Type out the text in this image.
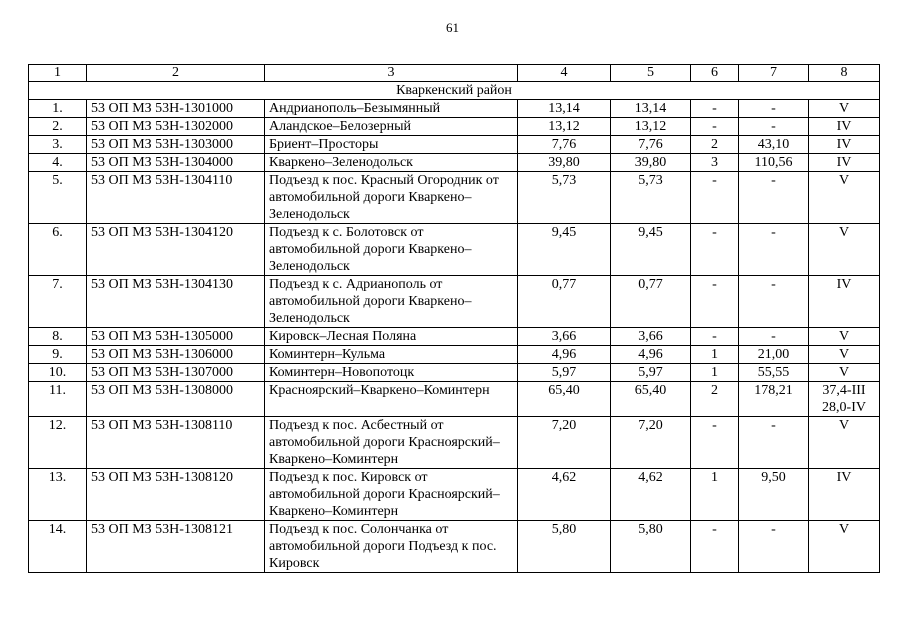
61
1	2	3	4	5	6	7	8
Кваркенский район							
1.	53 ОП МЗ 53Н-1301000	Андрианополь–Безымянный	13,14	13,14	-	-	V
2.	53 ОП МЗ 53Н-1302000	Аландское–Белозерный	13,12	13,12	-	-	IV
3.	53 ОП МЗ 53Н-1303000	Бриент–Просторы	7,76	7,76	2	43,10	IV
4.	53 ОП МЗ 53Н-1304000	Кваркено–Зеленодольск	39,80	39,80	3	110,56	IV
5.	53 ОП МЗ 53Н-1304110	Подъезд к пос. Красный Огородник от автомобильной дороги Кваркено–Зеленодольск	5,73	5,73	-	-	V
6.	53 ОП МЗ 53Н-1304120	Подъезд к с. Болотовск от автомобильной дороги Кваркено–Зеленодольск	9,45	9,45	-	-	V
7.	53 ОП МЗ 53Н-1304130	Подъезд к с. Адрианополь от автомобильной дороги Кваркено–Зеленодольск	0,77	0,77	-	-	IV
8.	53 ОП МЗ 53Н-1305000	Кировск–Лесная Поляна	3,66	3,66	-	-	V
9.	53 ОП МЗ 53Н-1306000	Коминтерн–Кульма	4,96	4,96	1	21,00	V
10.	53 ОП МЗ 53Н-1307000	Коминтерн–Новопотоцк	5,97	5,97	1	55,55	V
11.	53 ОП МЗ 53Н-1308000	Красноярский–Кваркено–Коминтерн	65,40	65,40	2	178,21	37,4-III
28,0-IV
12.	53 ОП МЗ 53Н-1308110	Подъезд к пос. Асбестный от автомобильной дороги Красноярский–Кваркено–Коминтерн	7,20	7,20	-	-	V
13.	53 ОП МЗ 53Н-1308120	Подъезд к пос. Кировск от автомобильной дороги Красноярский–Кваркено–Коминтерн	4,62	4,62	1	9,50	IV
14.	53 ОП МЗ 53Н-1308121	Подъезд к пос. Солончанка от автомобильной дороги Подъезд к пос. Кировск	5,80	5,80	-	-	V
